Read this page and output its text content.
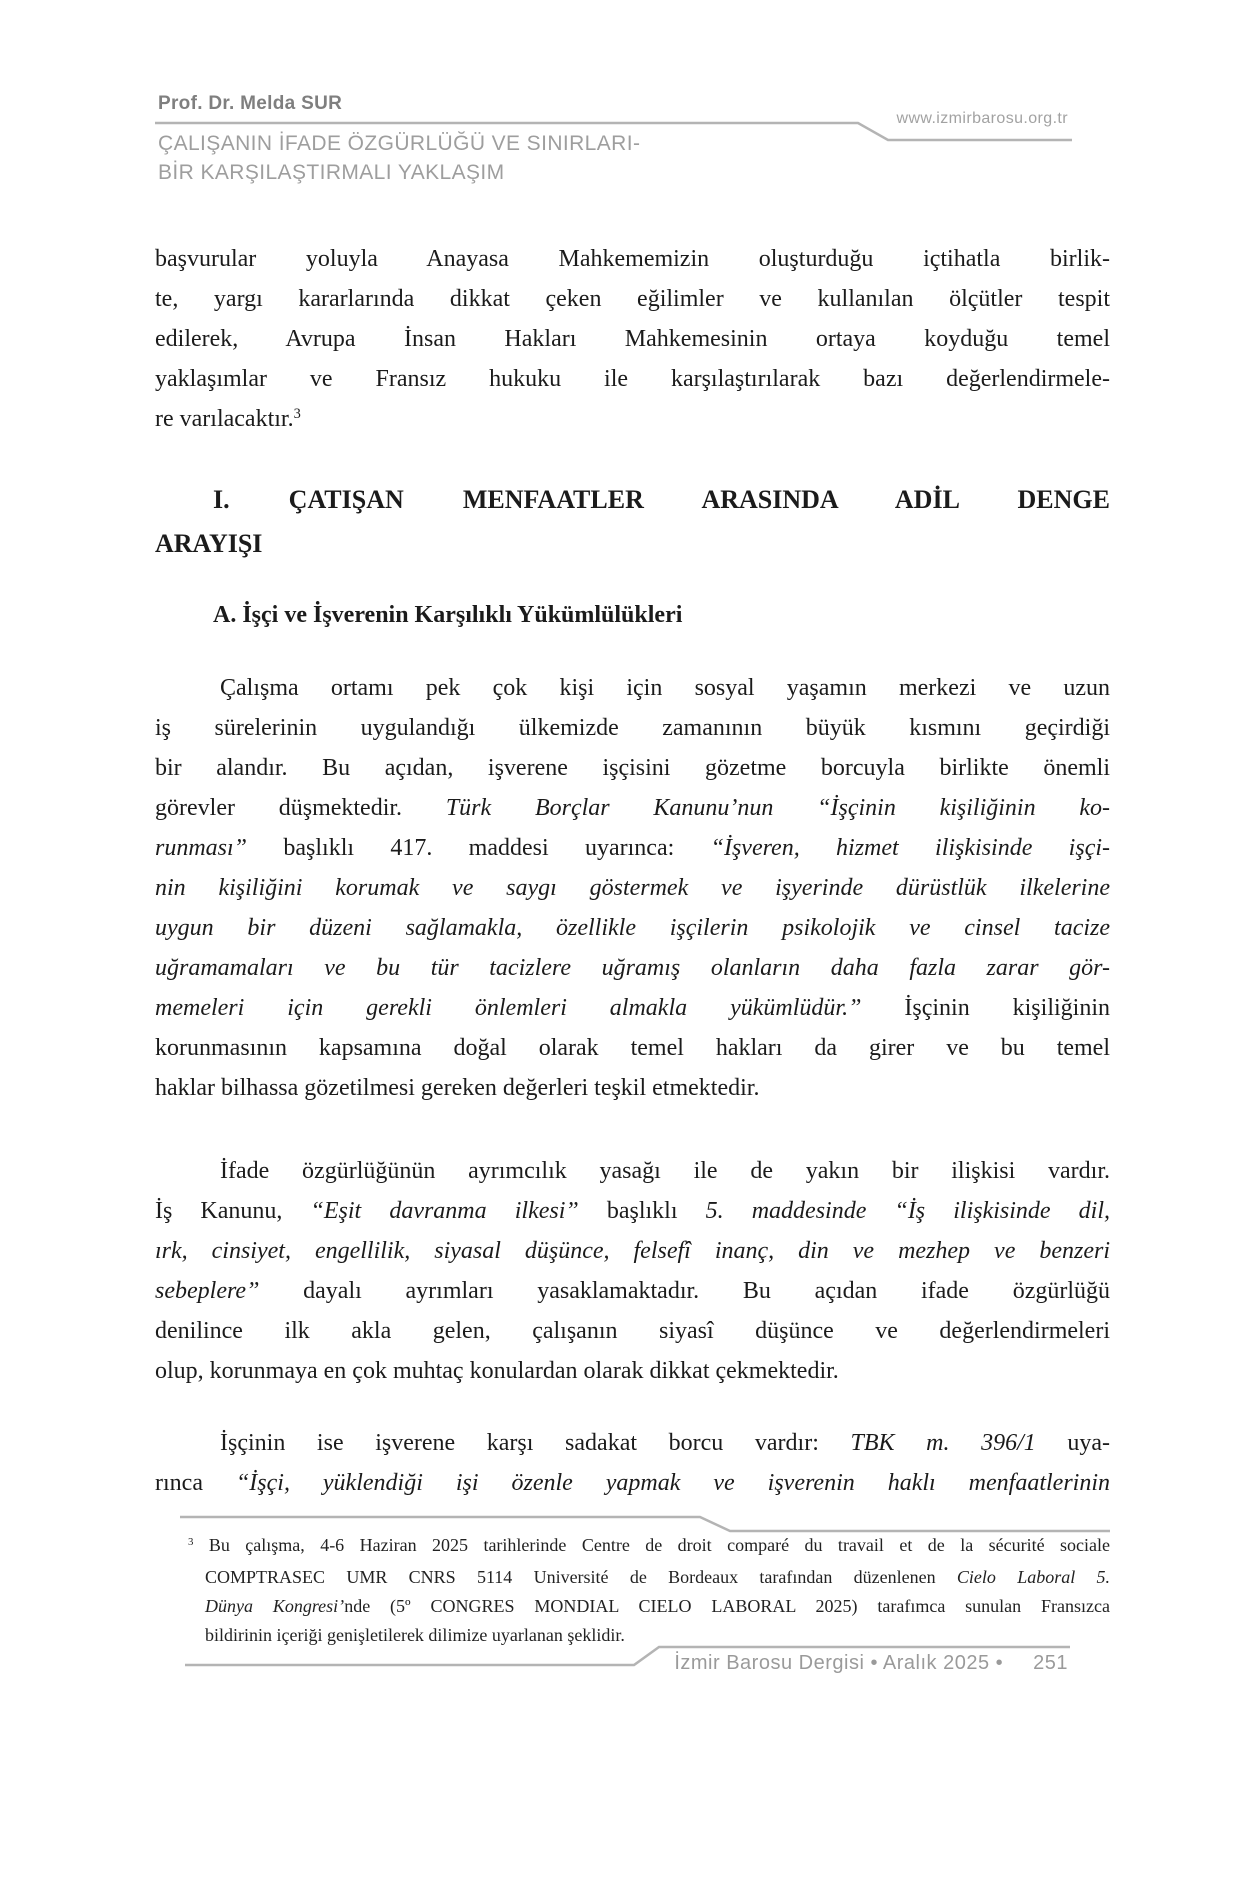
Prof. Dr. Melda SUR
www.izmirbarosu.org.tr
ÇALIŞANIN İFADE ÖZGÜRLÜĞÜ VE SINIRLARI-
BİR KARŞILAŞTIRMALI YAKLAŞIM
başvurular yoluyla Anayasa Mahkememizin oluşturduğu içtihatla birlik-
te, yargı kararlarında dikkat çeken eğilimler ve kullanılan ölçütler tespit
edilerek, Avrupa İnsan Hakları Mahkemesinin ortaya koyduğu temel
yaklaşımlar ve Fransız hukuku ile karşılaştırılarak bazı değerlendirmele-
re varılacaktır.$^3$
I. ÇATIŞAN MENFAATLER ARASINDA ADİL DENGE
ARAYIŞI
A. İşçi ve İşverenin Karşılıklı Yükümlülükleri
Çalışma ortamı pek çok kişi için sosyal yaşamın merkezi ve uzun
iş sürelerinin uygulandığı ülkemizde zamanının büyük kısmını geçirdiği
bir alandır. Bu açıdan, işverene işçisini gözetme borcuyla birlikte önemli
görevler düşmektedir. Türk Borçlar Kanunu’nun “İşçinin kişiliğinin ko-
runması” başlıklı 417. maddesi uyarınca: “İşveren, hizmet ilişkisinde işçi-
nin kişiliğini korumak ve saygı göstermek ve işyerinde dürüstlük ilkelerine
uygun bir düzeni sağlamakla, özellikle işçilerin psikolojik ve cinsel tacize
uğramamaları ve bu tür tacizlere uğramış olanların daha fazla zarar gör-
memeleri için gerekli önlemleri almakla yükümlüdür.” İşçinin kişiliğinin
korunmasının kapsamına doğal olarak temel hakları da girer ve bu temel
haklar bilhassa gözetilmesi gereken değerleri teşkil etmektedir.
İfade özgürlüğünün ayrımcılık yasağı ile de yakın bir ilişkisi vardır.
İş Kanunu, “Eşit davranma ilkesi” başlıklı 5. maddesinde “İş ilişkisinde dil,
ırk, cinsiyet, engellilik, siyasal düşünce, felsefî inanç, din ve mezhep ve benzeri
sebeplere” dayalı ayrımları yasaklamaktadır. Bu açıdan ifade özgürlüğü
denilince ilk akla gelen, çalışanın siyasî düşünce ve değerlendirmeleri
olup, korunmaya en çok muhtaç konulardan olarak dikkat çekmektedir.
İşçinin ise işverene karşı sadakat borcu vardır: TBK m. 396/1 uya-
rınca “İşçi, yüklendiği işi özenle yapmak ve işverenin haklı menfaatlerinin
$^3$ Bu çalışma, 4-6 Haziran 2025 tarihlerinde Centre de droit comparé du travail et de la sécurité sociale
COMPTRASEC UMR CNRS 5114 Université de Bordeaux tarafından düzenlenen Cielo Laboral 5.
Dünya Kongresi’nde (5º CONGRES MONDIAL CIELO LABORAL 2025) tarafımca sunulan Fransızca
bildirinin içeriği genişletilerek dilimize uyarlanan şeklidir.
İzmir Barosu Dergisi • Aralık 2025 • 251
